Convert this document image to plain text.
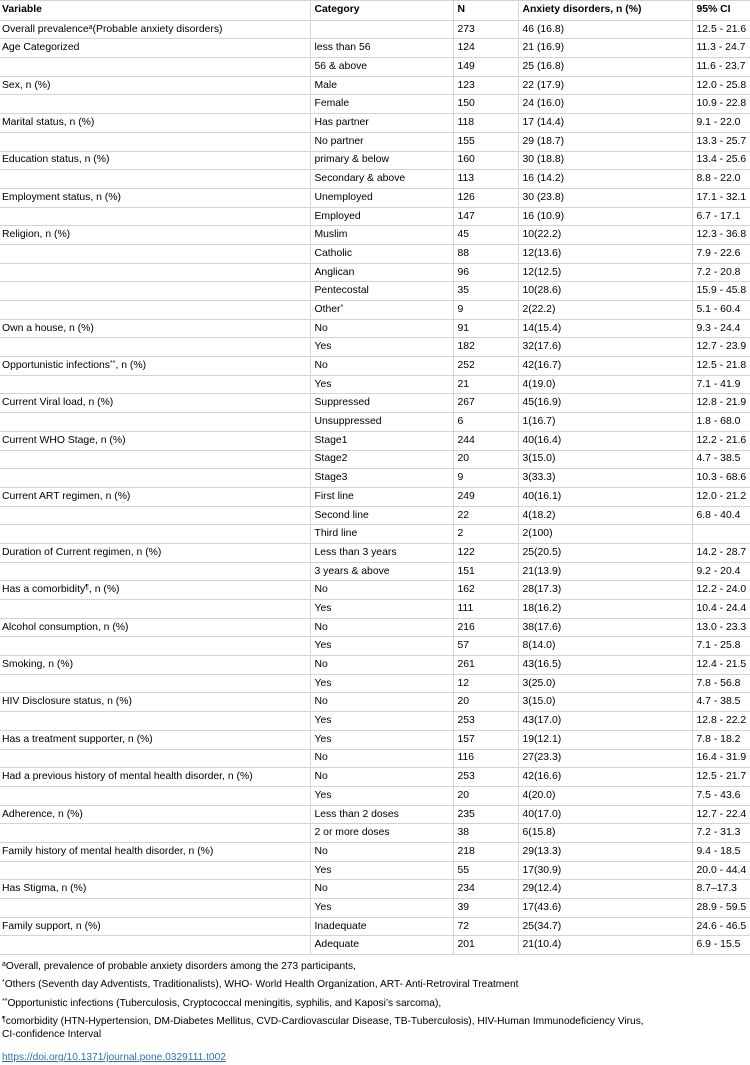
Variable	Category	N	Anxiety disorders, n (%)	95% CI
Overall prevalence$^a$(Probable anxiety disorders)		273	46 (16.8)	12.5 - 21.6
Age Categorized	less than 56	124	21 (16.9)	11.3 - 24.7
	56 & above	149	25 (16.8)	11.6 - 23.7
Sex, n (%)	Male	123	22 (17.9)	12.0 - 25.8
	Female	150	24 (16.0)	10.9 - 22.8
Marital status, n (%)	Has partner	118	17 (14.4)	9.1 - 22.0
	No partner	155	29 (18.7)	13.3 - 25.7
Education status, n (%)	primary & below	160	30 (18.8)	13.4 - 25.6
	Secondary & above	113	16 (14.2)	8.8 - 22.0
Employment status, n (%)	Unemployed	126	30 (23.8)	17.1 - 32.1
	Employed	147	16 (10.9)	6.7 - 17.1
Religion, n (%)	Muslim	45	10(22.2)	12.3 - 36.8
	Catholic	88	12(13.6)	7.9 - 22.6
	Anglican	96	12(12.5)	7.2 - 20.8
	Pentecostal	35	10(28.6)	15.9 - 45.8
	Other*	9	2(22.2)	5.1 - 60.4
Own a house, n (%)	No	91	14(15.4)	9.3 - 24.4
	Yes	182	32(17.6)	12.7 - 23.9
Opportunistic infections**, n (%)	No	252	42(16.7)	12.5 - 21.8
	Yes	21	4(19.0)	7.1 - 41.9
Current Viral load, n (%)	Suppressed	267	45(16.9)	12.8 - 21.9
	Unsuppressed	6	1(16.7)	1.8 - 68.0
Current WHO Stage, n (%)	Stage1	244	40(16.4)	12.2 - 21.6
	Stage2	20	3(15.0)	4.7 - 38.5
	Stage3	9	3(33.3)	10.3 - 68.6
Current ART regimen, n (%)	First line	249	40(16.1)	12.0 - 21.2
	Second line	22	4(18.2)	6.8 - 40.4
	Third line	2	2(100)	
Duration of Current regimen, n (%)	Less than 3 years	122	25(20.5)	14.2 - 28.7
	3 years & above	151	21(13.9)	9.2 - 20.4
Has a comorbidity¶, n (%)	No	162	28(17.3)	12.2 - 24.0
	Yes	111	18(16.2)	10.4 - 24.4
Alcohol consumption, n (%)	No	216	38(17.6)	13.0 - 23.3
	Yes	57	8(14.0)	7.1 - 25.8
Smoking, n (%)	No	261	43(16.5)	12.4 - 21.5
	Yes	12	3(25.0)	7.8 - 56.8
HIV Disclosure status, n (%)	No	20	3(15.0)	4.7 - 38.5
	Yes	253	43(17.0)	12.8 - 22.2
Has a treatment supporter, n (%)	Yes	157	19(12.1)	7.8 - 18.2
	No	116	27(23.3)	16.4 - 31.9
Had a previous history of mental health disorder, n (%)	No	253	42(16.6)	12.5 - 21.7
	Yes	20	4(20.0)	7.5 - 43.6
Adherence, n (%)	Less than 2 doses	235	40(17.0)	12.7 - 22.4
	2 or more doses	38	6(15.8)	7.2 - 31.3
Family history of mental health disorder, n (%)	No	218	29(13.3)	9.4 - 18.5
	Yes	55	17(30.9)	20.0 - 44.4
Has Stigma, n (%)	No	234	29(12.4)	8.7–17.3
	Yes	39	17(43.6)	28.9 - 59.5
Family support, n (%)	Inadequate	72	25(34.7)	24.6 - 46.5
	Adequate	201	21(10.4)	6.9 - 15.5

$^a$Overall, prevalence of probable anxiety disorders among the 273 participants,

*Others (Seventh day Adventists, Traditionalists), WHO- World Health Organization, ART- Anti-Retroviral Treatment

**Opportunistic infections (Tuberculosis, Cryptococcal meningitis, syphilis, and Kaposi’s sarcoma),

¶comorbidity (HTN-Hypertension, DM-Diabetes Mellitus, CVD-Cardiovascular Disease, TB-Tuberculosis), HIV-Human Immunodeficiency Virus,

CI-confidence Interval

https://doi.org/10.1371/journal.pone.0329111.t002
